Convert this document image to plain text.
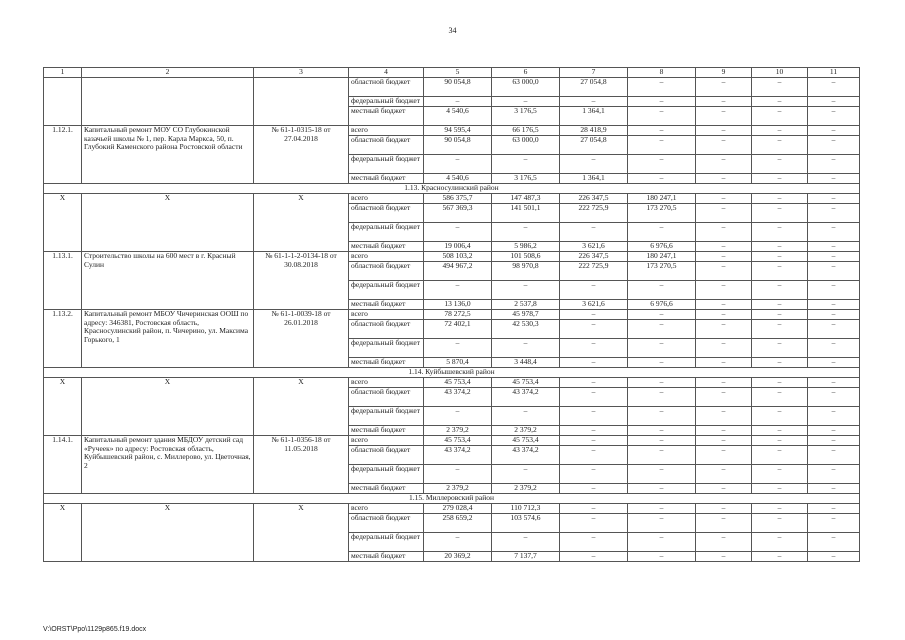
34
1	2	3	4	5	6	7	8	9	10	11
			областной бюджет	90 054,8	63 000,0	27 054,8	–	–	–	–
			федеральный бюджет	–	–	–	–	–	–	–
			местный бюджет	4 540,6	3 176,5	1 364,1	–	–	–	–
1.12.1.	Капитальный ремонт МОУ СО Глубокинской казачьей школы № 1, пер. Карла Маркса, 50, п. Глубокий Каменского района Ростовской области	№ 61-1-0315-18 от 27.04.2018	всего	94 595,4	66 176,5	28 418,9	–	–	–	–
			областной бюджет	90 054,8	63 000,0	27 054,8	–	–	–	–
			федеральный бюджет	–	–	–	–	–	–	–
			местный бюджет	4 540,6	3 176,5	1 364,1	–	–	–	–
1.13. Красносулинский район										
Х	Х	Х	всего	586 375,7	147 487,3	226 347,5	180 247,1	–	–	–
			областной бюджет	567 369,3	141 501,1	222 725,9	173 270,5	–	–	–
			федеральный бюджет	–	–	–	–	–	–	–
			местный бюджет	19 006,4	5 986,2	3 621,6	6 976,6	–	–	–
1.13.1.	Строительство школы на 600 мест в г. Красный Сулин	№ 61-1-1-2-0134-18 от 30.08.2018	всего	508 103,2	101 508,6	226 347,5	180 247,1	–	–	–
			областной бюджет	494 967,2	98 970,8	222 725,9	173 270,5	–	–	–
			федеральный бюджет	–	–	–	–	–	–	–
			местный бюджет	13 136,0	2 537,8	3 621,6	6 976,6	–	–	–
1.13.2.	Капитальный ремонт МБОУ Чичеринская ООШ по адресу: 346381, Ростовская область, Красносулинский район, п. Чичерино, ул. Максима Горького, 1	№ 61-1-0039-18 от 26.01.2018	всего	78 272,5	45 978,7	–	–	–	–	–
			областной бюджет	72 402,1	42 530,3	–	–	–	–	–
			федеральный бюджет	–	–	–	–	–	–	–
			местный бюджет	5 870,4	3 448,4	–	–	–	–	–
1.14. Куйбышевский район										
Х	Х	Х	всего	45 753,4	45 753,4	–	–	–	–	–
			областной бюджет	43 374,2	43 374,2	–	–	–	–	–
			федеральный бюджет	–	–	–	–	–	–	–
			местный бюджет	2 379,2	2 379,2	–	–	–	–	–
1.14.1.	Капитальный ремонт здания МБДОУ детский сад «Ручеек» по адресу: Ростовская область, Куйбышевский район, с. Миллерово, ул. Цветочная, 2	№ 61-1-0356-18 от 11.05.2018	всего	45 753,4	45 753,4	–	–	–	–	–
			областной бюджет	43 374,2	43 374,2	–	–	–	–	–
			федеральный бюджет	–	–	–	–	–	–	–
			местный бюджет	2 379,2	2 379,2	–	–	–	–	–
1.15. Миллеровский район										
Х	Х	Х	всего	279 028,4	110 712,3	–	–	–	–	–
			областной бюджет	258 659,2	103 574,6	–	–	–	–	–
			федеральный бюджет	–	–	–	–	–	–	–
			местный бюджет	20 369,2	7 137,7	–	–	–	–	–
V:\ORST\Ppo\1129p865.f19.docx
